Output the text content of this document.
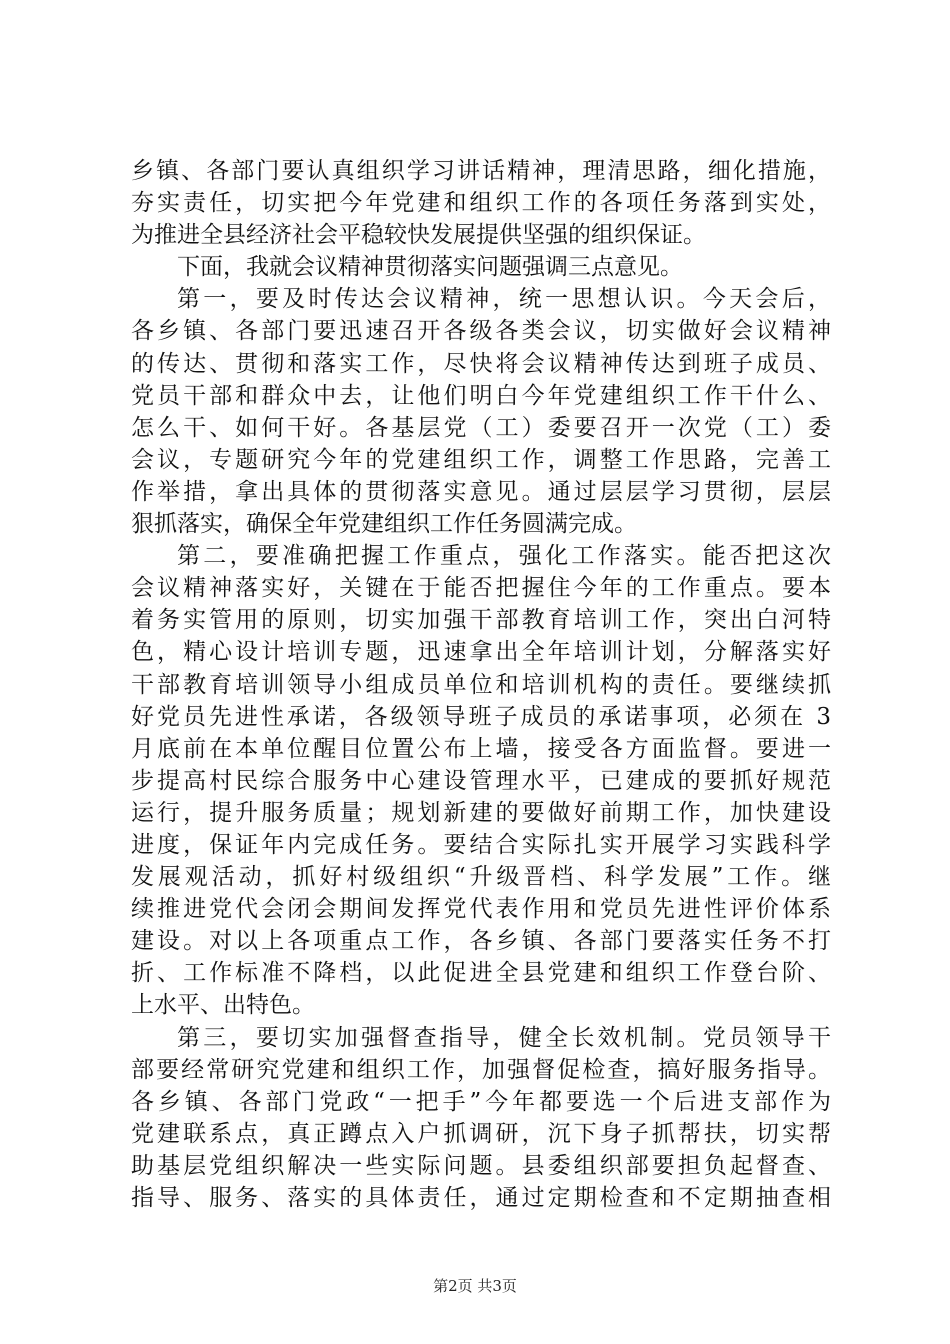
乡镇、各部门要认真组织学习讲话精神，理清思路，细化措施，
夯实责任，切实把今年党建和组织工作的各项任务落到实处，
为推进全县经济社会平稳较快发展提供坚强的组织保证。
下面，我就会议精神贯彻落实问题强调三点意见。
第一，要及时传达会议精神，统一思想认识。今天会后，
各乡镇、各部门要迅速召开各级各类会议，切实做好会议精神
的传达、贯彻和落实工作，尽快将会议精神传达到班子成员、
党员干部和群众中去，让他们明白今年党建组织工作干什么、
怎么干、如何干好。各基层党（工）委要召开一次党（工）委
会议，专题研究今年的党建组织工作，调整工作思路，完善工
作举措，拿出具体的贯彻落实意见。通过层层学习贯彻，层层
狠抓落实，确保全年党建组织工作任务圆满完成。
第二，要准确把握工作重点，强化工作落实。能否把这次
会议精神落实好，关键在于能否把握住今年的工作重点。要本
着务实管用的原则，切实加强干部教育培训工作，突出白河特
色，精心设计培训专题，迅速拿出全年培训计划，分解落实好
干部教育培训领导小组成员单位和培训机构的责任。要继续抓
好党员先进性承诺，各级领导班子成员的承诺事项，必须在 3
月底前在本单位醒目位置公布上墙，接受各方面监督。要进一
步提高村民综合服务中心建设管理水平，已建成的要抓好规范
运行，提升服务质量；规划新建的要做好前期工作，加快建设
进度，保证年内完成任务。要结合实际扎实开展学习实践科学
发展观活动，抓好村级组织“升级晋档、科学发展”工作。继
续推进党代会闭会期间发挥党代表作用和党员先进性评价体系
建设。对以上各项重点工作，各乡镇、各部门要落实任务不打
折、工作标准不降档，以此促进全县党建和组织工作登台阶、
上水平、出特色。
第三，要切实加强督查指导，健全长效机制。党员领导干
部要经常研究党建和组织工作，加强督促检查，搞好服务指导。
各乡镇、各部门党政“一把手”今年都要选一个后进支部作为
党建联系点，真正蹲点入户抓调研，沉下身子抓帮扶，切实帮
助基层党组织解决一些实际问题。县委组织部要担负起督查、
指导、服务、落实的具体责任，通过定期检查和不定期抽查相
第2页 共3页
